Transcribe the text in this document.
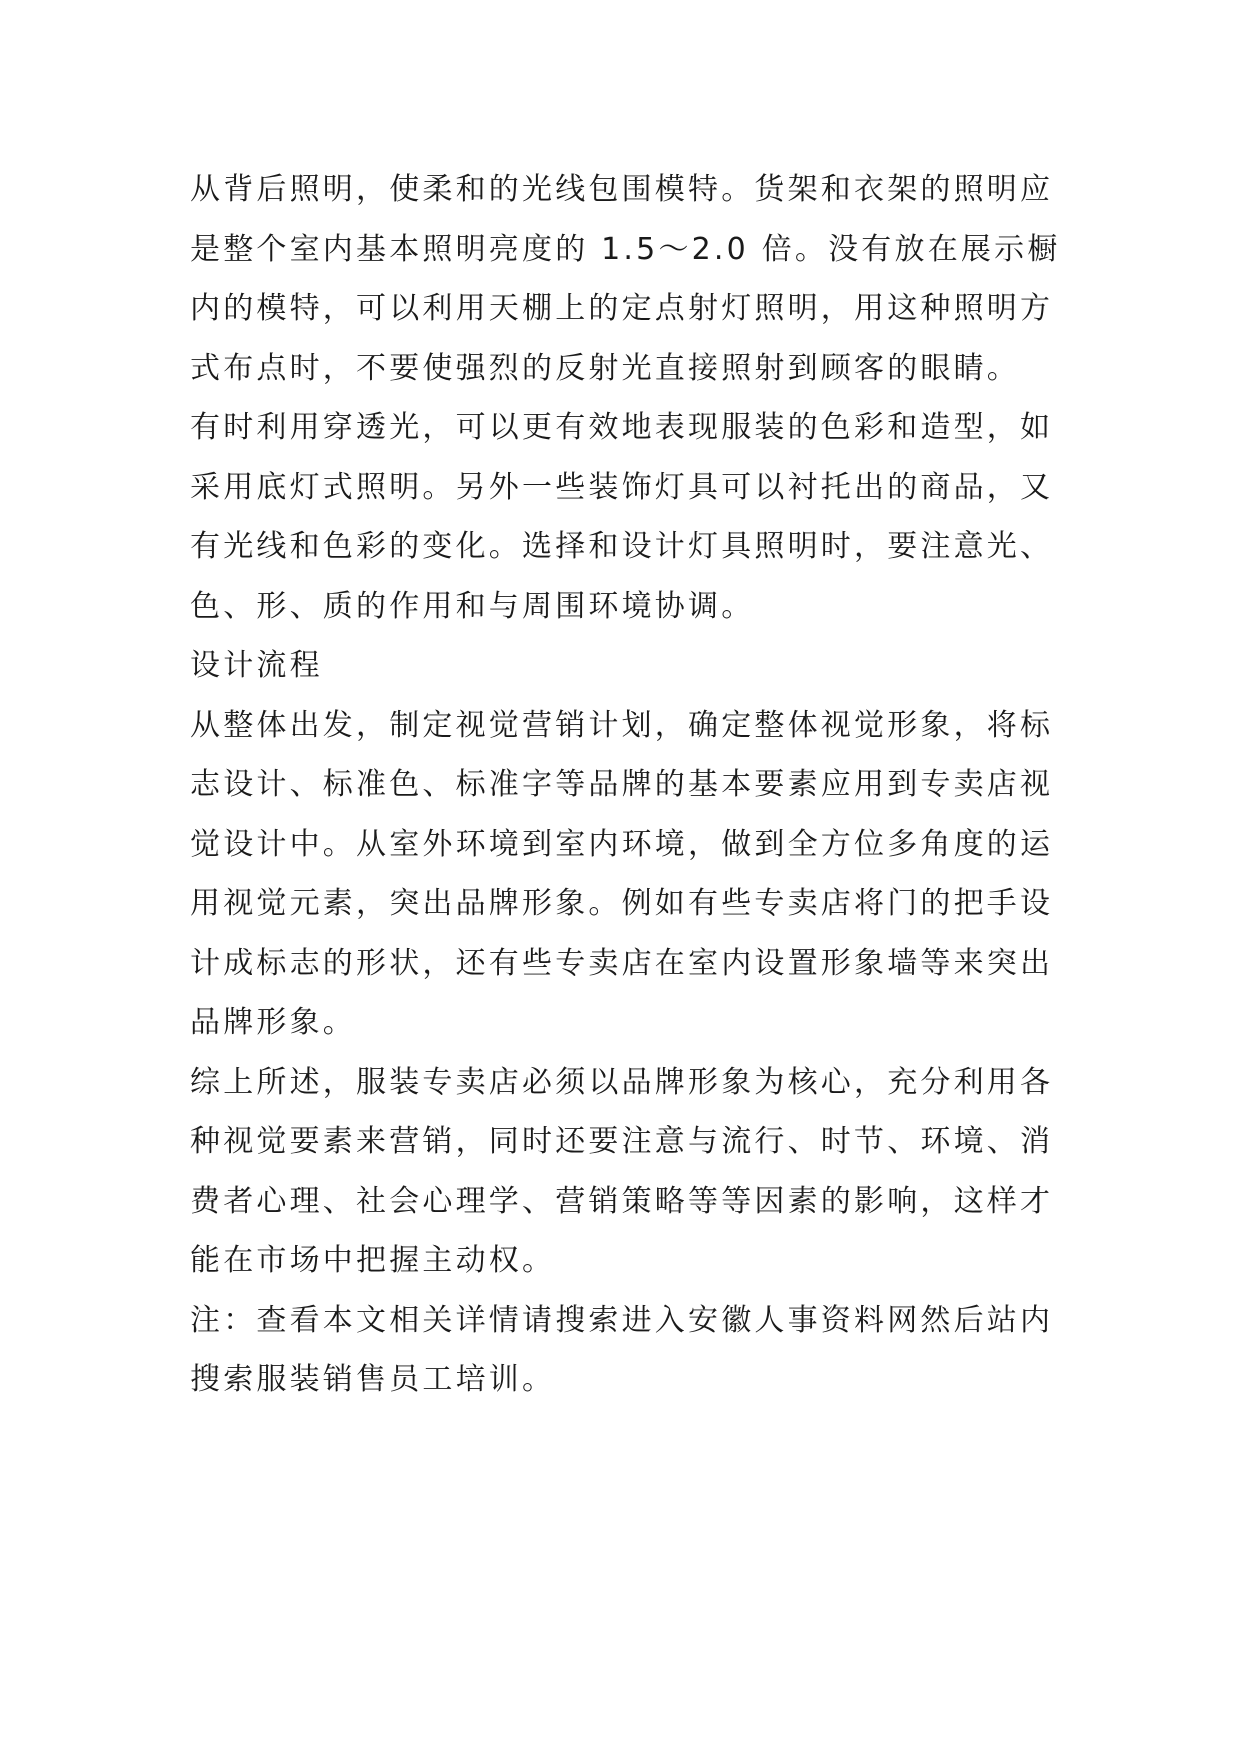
从背后照明，使柔和的光线包围模特。货架和衣架的照明应
是整个室内基本照明亮度的 1.5～2.0 倍。没有放在展示橱
内的模特，可以利用天棚上的定点射灯照明，用这种照明方
式布点时，不要使强烈的反射光直接照射到顾客的眼睛。
有时利用穿透光，可以更有效地表现服装的色彩和造型，如
采用底灯式照明。另外一些装饰灯具可以衬托出的商品，又
有光线和色彩的变化。选择和设计灯具照明时，要注意光、
色、形、质的作用和与周围环境协调。
设计流程
从整体出发，制定视觉营销计划，确定整体视觉形象，将标
志设计、标准色、标准字等品牌的基本要素应用到专卖店视
觉设计中。从室外环境到室内环境，做到全方位多角度的运
用视觉元素，突出品牌形象。例如有些专卖店将门的把手设
计成标志的形状，还有些专卖店在室内设置形象墙等来突出
品牌形象。
综上所述，服装专卖店必须以品牌形象为核心，充分利用各
种视觉要素来营销，同时还要注意与流行、时节、环境、消
费者心理、社会心理学、营销策略等等因素的影响，这样才
能在市场中把握主动权。
注：查看本文相关详情请搜索进入安徽人事资料网然后站内
搜索服装销售员工培训。
